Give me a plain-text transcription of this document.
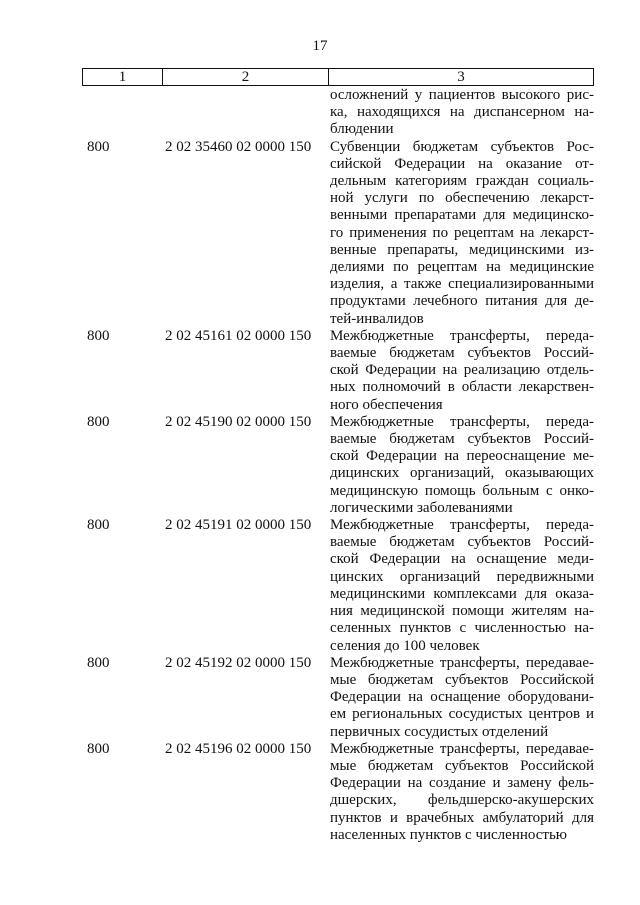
17
1	2	3
осложнений у пациентов высокого рис-
ка, находящихся на диспансерном на-
блюдении
800	2 02 35460 02 0000 150	Субвенции бюджетам субъектов Рос-
сийской Федерации на оказание от-
дельным категориям граждан социаль-
ной услуги по обеспечению лекарст-
венными препаратами для медицинско-
го применения по рецептам на лекарст-
венные препараты, медицинскими из-
делиями по рецептам на медицинские
изделия, а также специализированными
продуктами лечебного питания для де-
тей-инвалидов
800	2 02 45161 02 0000 150	Межбюджетные трансферты, переда-
ваемые бюджетам субъектов Россий-
ской Федерации на реализацию отдель-
ных полномочий в области лекарствен-
ного обеспечения
800	2 02 45190 02 0000 150	Межбюджетные трансферты, переда-
ваемые бюджетам субъектов Россий-
ской Федерации на переоснащение ме-
дицинских организаций, оказывающих
медицинскую помощь больным с онко-
логическими заболеваниями
800	2 02 45191 02 0000 150	Межбюджетные трансферты, переда-
ваемые бюджетам субъектов Россий-
ской Федерации на оснащение меди-
цинских организаций передвижными
медицинскими комплексами для оказа-
ния медицинской помощи жителям на-
селенных пунктов с численностью на-
селения до 100 человек
800	2 02 45192 02 0000 150	Межбюджетные трансферты, передавае-
мые бюджетам субъектов Российской
Федерации на оснащение оборудовани-
ем региональных сосудистых центров и
первичных сосудистых отделений
800	2 02 45196 02 0000 150	Межбюджетные трансферты, передавае-
мые бюджетам субъектов Российской
Федерации на создание и замену фель-
дшерских, фельдшерско-акушерских
пунктов и врачебных амбулаторий для
населенных пунктов с численностью
